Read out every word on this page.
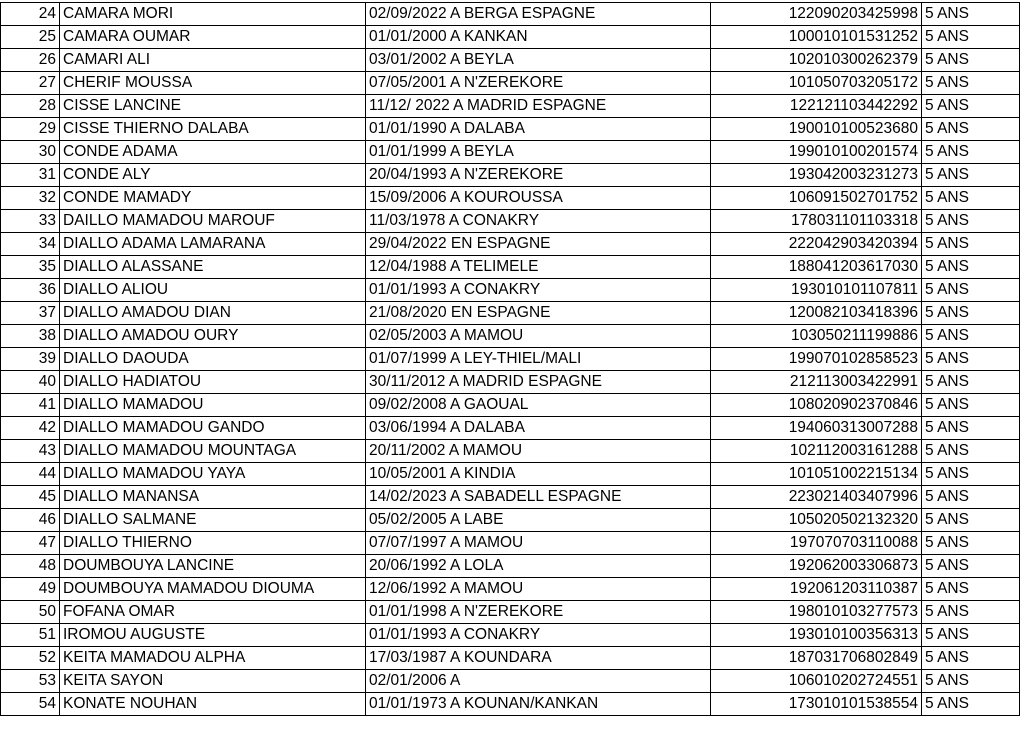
24	CAMARA MORI	02/09/2022 A BERGA ESPAGNE	122090203425998	5 ANS
25	CAMARA OUMAR	01/01/2000 A KANKAN	100010101531252	5 ANS
26	CAMARI ALI	03/01/2002 A BEYLA	102010300262379	5 ANS
27	CHERIF MOUSSA	07/05/2001 A N'ZEREKORE	101050703205172	5 ANS
28	CISSE LANCINE	11/12/ 2022 A MADRID ESPAGNE	122121103442292	5 ANS
29	CISSE THIERNO DALABA	01/01/1990 A DALABA	190010100523680	5 ANS
30	CONDE ADAMA	01/01/1999 A BEYLA	199010100201574	5 ANS
31	CONDE ALY	20/04/1993 A N'ZEREKORE	193042003231273	5 ANS
32	CONDE MAMADY	15/09/2006 A KOUROUSSA	106091502701752	5 ANS
33	DAILLO MAMADOU MAROUF	11/03/1978 A CONAKRY	178031101103318	5 ANS
34	DIALLO ADAMA LAMARANA	29/04/2022 EN ESPAGNE	222042903420394	5 ANS
35	DIALLO ALASSANE	12/04/1988 A TELIMELE	188041203617030	5 ANS
36	DIALLO ALIOU	01/01/1993 A CONAKRY	193010101107811	5 ANS
37	DIALLO AMADOU DIAN	21/08/2020 EN ESPAGNE	120082103418396	5 ANS
38	DIALLO AMADOU OURY	02/05/2003 A MAMOU	103050211199886	5 ANS
39	DIALLO DAOUDA	01/07/1999 A LEY-THIEL/MALI	199070102858523	5 ANS
40	DIALLO HADIATOU	30/11/2012 A MADRID ESPAGNE	212113003422991	5 ANS
41	DIALLO MAMADOU	09/02/2008 A GAOUAL	108020902370846	5 ANS
42	DIALLO MAMADOU GANDO	03/06/1994 A DALABA	194060313007288	5 ANS
43	DIALLO MAMADOU MOUNTAGA	20/11/2002 A MAMOU	102112003161288	5 ANS
44	DIALLO MAMADOU YAYA	10/05/2001 A KINDIA	101051002215134	5 ANS
45	DIALLO MANANSA	14/02/2023 A SABADELL ESPAGNE	223021403407996	5 ANS
46	DIALLO SALMANE	05/02/2005 A LABE	105020502132320	5 ANS
47	DIALLO THIERNO	07/07/1997 A MAMOU	197070703110088	5 ANS
48	DOUMBOUYA LANCINE	20/06/1992 A LOLA	192062003306873	5 ANS
49	DOUMBOUYA MAMADOU DIOUMA	12/06/1992 A MAMOU	192061203110387	5 ANS
50	FOFANA OMAR	01/01/1998 A N'ZEREKORE	198010103277573	5 ANS
51	IROMOU AUGUSTE	01/01/1993 A CONAKRY	193010100356313	5 ANS
52	KEITA MAMADOU ALPHA	17/03/1987 A KOUNDARA	187031706802849	5 ANS
53	KEITA SAYON	02/01/2006 A	106010202724551	5 ANS
54	KONATE NOUHAN	01/01/1973 A KOUNAN/KANKAN	173010101538554	5 ANS
